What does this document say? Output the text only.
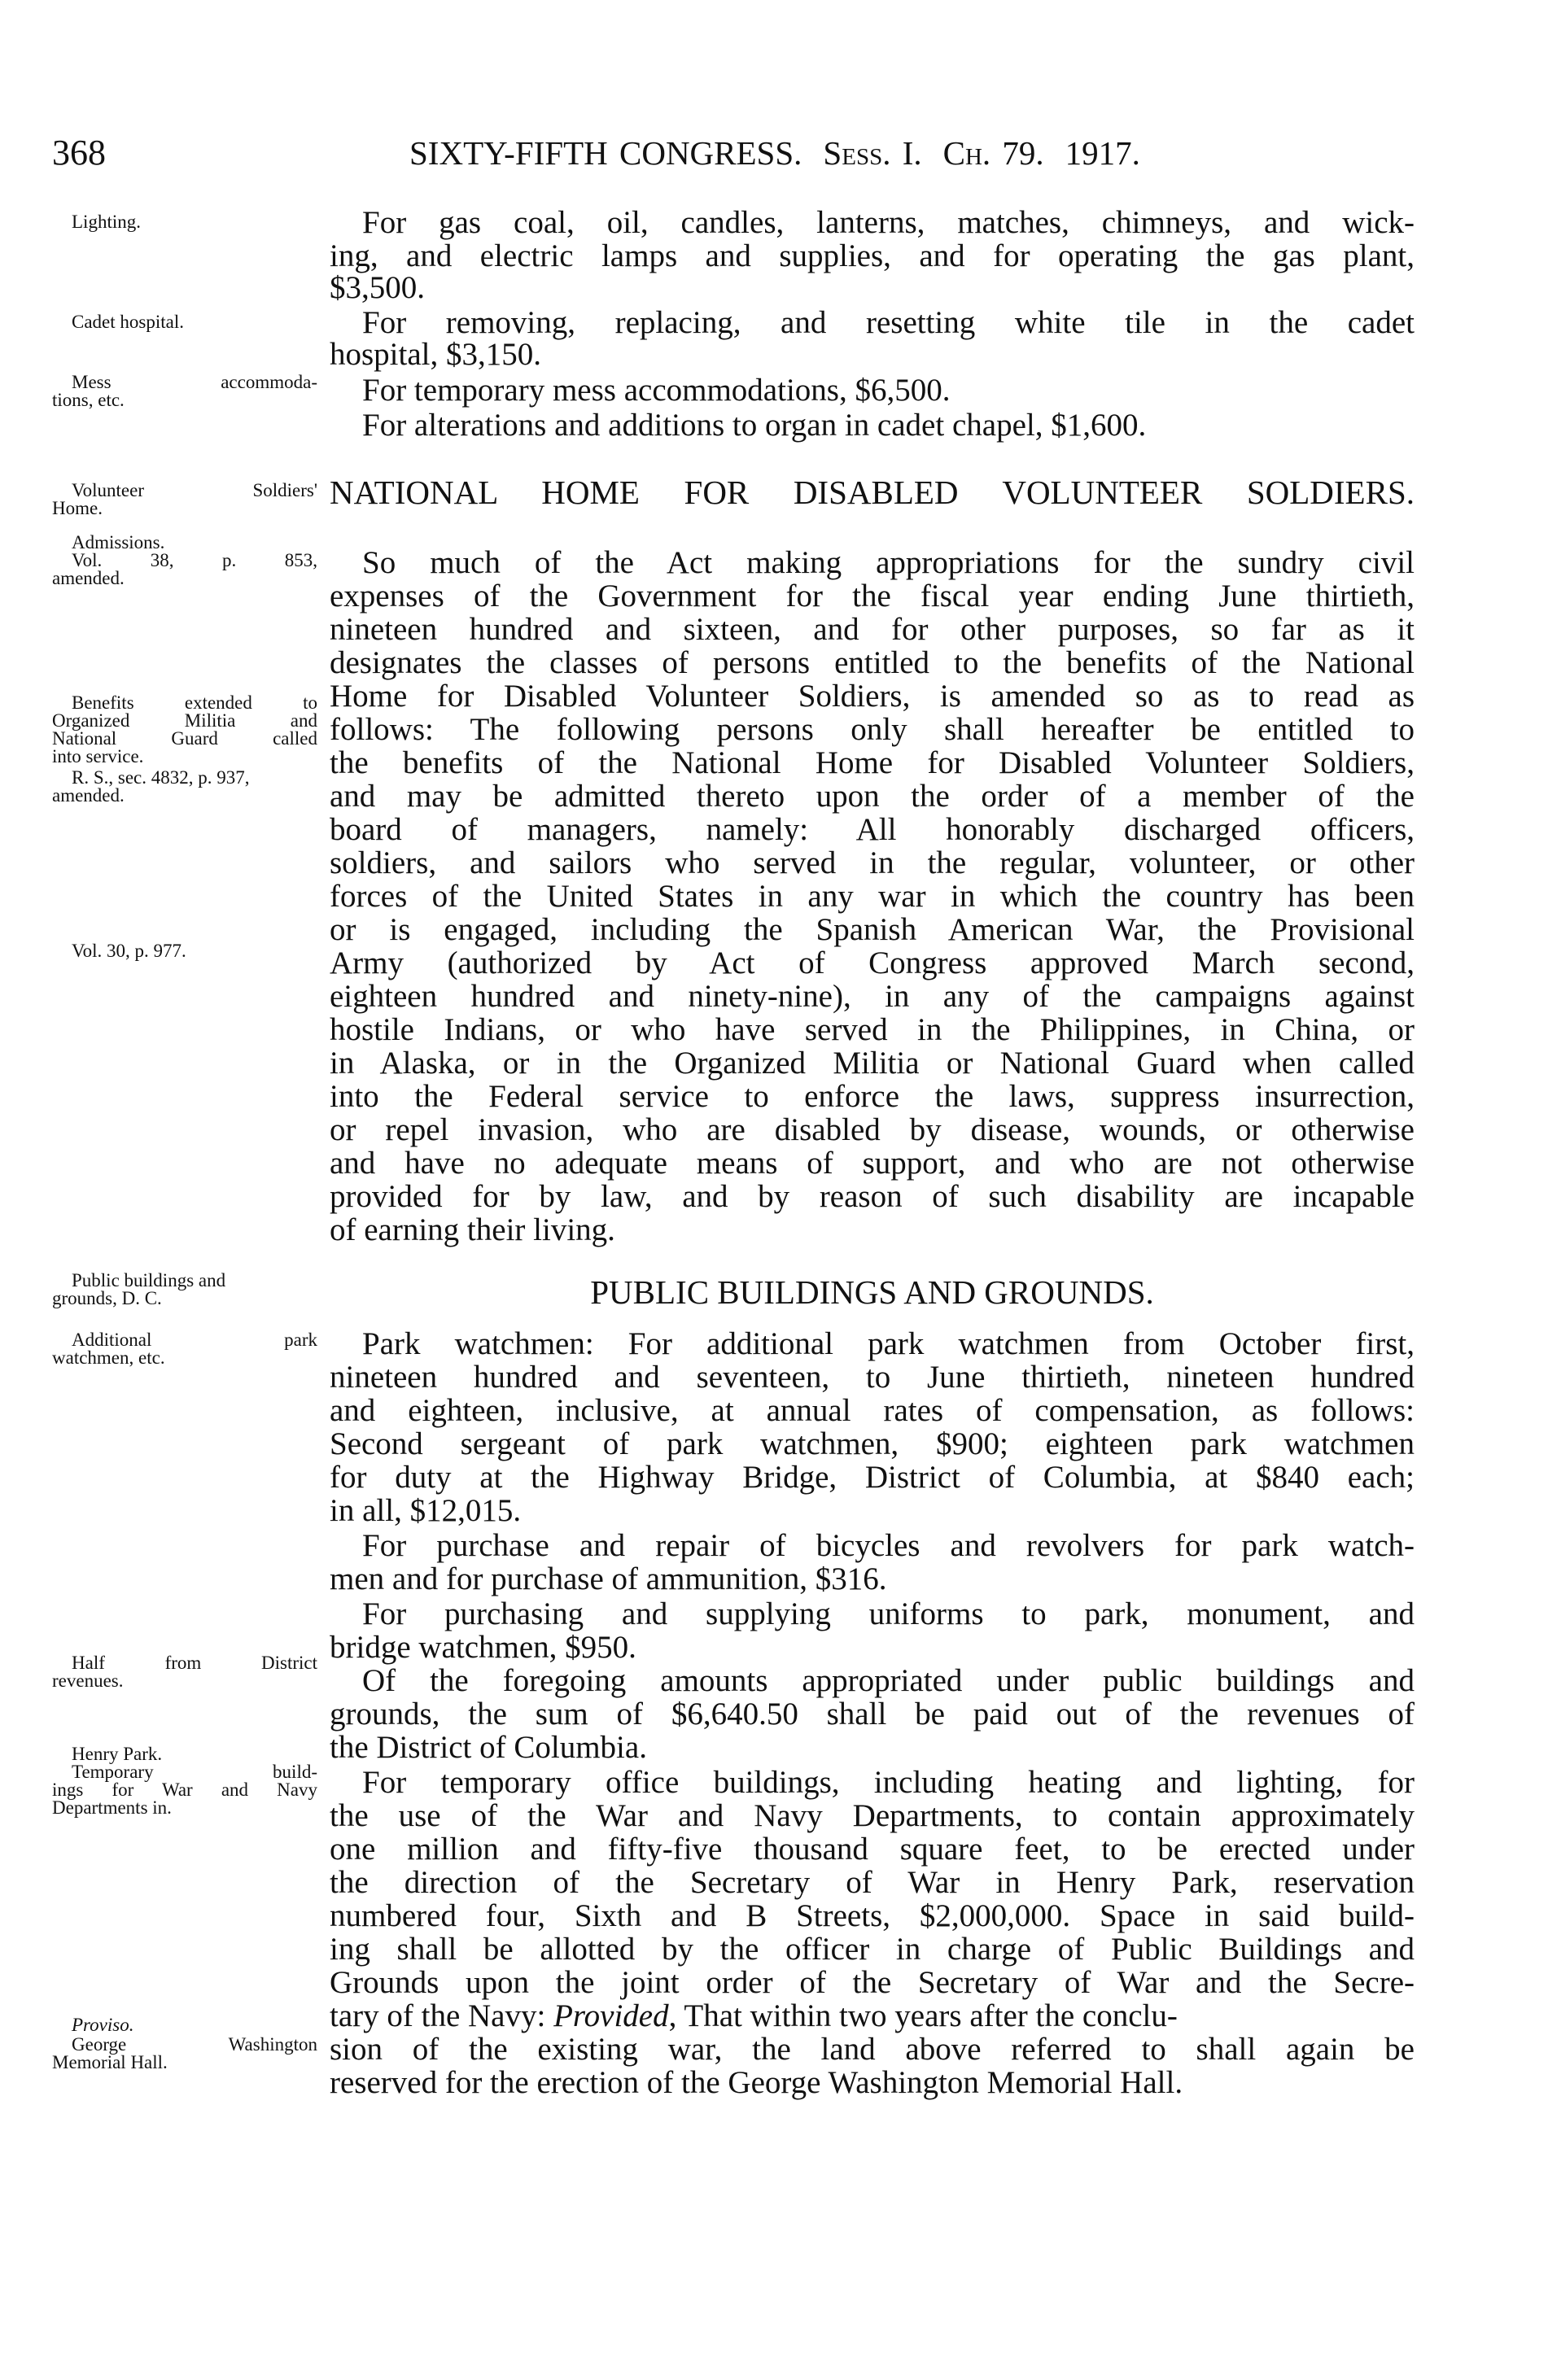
368	SIXTY-FIFTH CONGRESS. Sess. I. Ch. 79. 1917.
For gas coal, oil, candles, lanterns, matches, chimneys, and wick-
ing, and electric lamps and supplies, and for operating the gas plant,
$3,500.
For removing, replacing, and resetting white tile in the cadet
hospital, $3,150.
For temporary mess accommodations, $6,500.
For alterations and additions to organ in cadet chapel, $1,600.
NATIONAL HOME FOR DISABLED VOLUNTEER SOLDIERS.
So much of the Act making appropriations for the sundry civil
expenses of the Government for the fiscal year ending June thirtieth,
nineteen hundred and sixteen, and for other purposes, so far as it
designates the classes of persons entitled to the benefits of the National
Home for Disabled Volunteer Soldiers, is amended so as to read as
follows: The following persons only shall hereafter be entitled to
the benefits of the National Home for Disabled Volunteer Soldiers,
and may be admitted thereto upon the order of a member of the
board of managers, namely: All honorably discharged officers,
soldiers, and sailors who served in the regular, volunteer, or other
forces of the United States in any war in which the country has been
or is engaged, including the Spanish American War, the Provisional
Army (authorized by Act of Congress approved March second,
eighteen hundred and ninety-nine), in any of the campaigns against
hostile Indians, or who have served in the Philippines, in China, or
in Alaska, or in the Organized Militia or National Guard when called
into the Federal service to enforce the laws, suppress insurrection,
or repel invasion, who are disabled by disease, wounds, or otherwise
and have no adequate means of support, and who are not otherwise
provided for by law, and by reason of such disability are incapable
of earning their living.
PUBLIC BUILDINGS AND GROUNDS.
Park watchmen: For additional park watchmen from October first,
nineteen hundred and seventeen, to June thirtieth, nineteen hundred
and eighteen, inclusive, at annual rates of compensation, as follows:
Second sergeant of park watchmen, $900; eighteen park watchmen
for duty at the Highway Bridge, District of Columbia, at $840 each;
in all, $12,015.
For purchase and repair of bicycles and revolvers for park watch-
men and for purchase of ammunition, $316.
For purchasing and supplying uniforms to park, monument, and
bridge watchmen, $950.
Of the foregoing amounts appropriated under public buildings and
grounds, the sum of $6,640.50 shall be paid out of the revenues of
the District of Columbia.
For temporary office buildings, including heating and lighting, for
the use of the War and Navy Departments, to contain approximately
one million and fifty-five thousand square feet, to be erected under
the direction of the Secretary of War in Henry Park, reservation
numbered four, Sixth and B Streets, $2,000,000. Space in said build-
ing shall be allotted by the officer in charge of Public Buildings and
Grounds upon the joint order of the Secretary of War and the Secre-
tary of the Navy: Provided, That within two years after the conclu-
sion of the existing war, the land above referred to shall again be
reserved for the erection of the George Washington Memorial Hall.
Lighting.
Cadet hospital.
Mess accommoda-
tions, etc.
Volunteer Soldiers'
Home.
Admissions.
Vol. 38, p. 853,
amended.
Benefits extended to
Organized Militia and
National Guard called
into service.
R. S., sec. 4832, p. 937,
amended.
Vol. 30, p. 977.
Public buildings and
grounds, D. C.
Additional park
watchmen, etc.
Half from District
revenues.
Henry Park.
Temporary build-
ings for War and Navy
Departments in.
Proviso.
George Washington
Memorial Hall.
